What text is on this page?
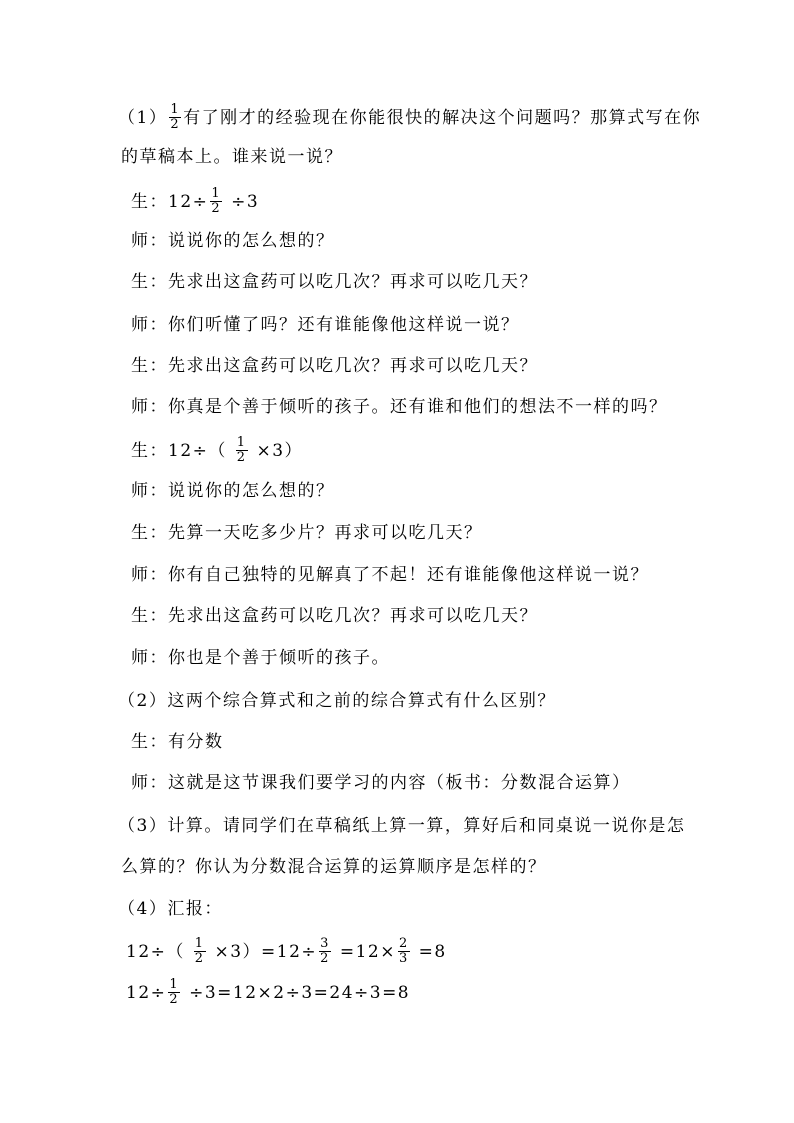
$(1) \frac{1}{2}$ 有了刚才的经验现在你能很快的解决这个问题吗？那算式写在你
的草稿本上。谁来说一说？
生：$12\div \frac{1}{2} \div 3$
师：说说你的怎么想的？
生：先求出这盒药可以吃几次？再求可以吃几天？
师：你们听懂了吗？还有谁能像他这样说一说？
生：先求出这盒药可以吃几次？再求可以吃几天？
师：你真是个善于倾听的孩子。还有谁和他们的想法不一样的吗？
生：$12\div( \frac{1}{2} \times 3)$
师：说说你的怎么想的？
生：先算一天吃多少片？再求可以吃几天？
师：你有自己独特的见解真了不起！还有谁能像他这样说一说？
生：先求出这盒药可以吃几次？再求可以吃几天？
师：你也是个善于倾听的孩子。
（2）这两个综合算式和之前的综合算式有什么区别？
生：有分数
师：这就是这节课我们要学习的内容（板书：分数混合运算）
（3）计算。请同学们在草稿纸上算一算，算好后和同桌说一说你是怎
么算的？你认为分数混合运算的运算顺序是怎样的？
（4）汇报：
$12\div( \frac{1}{2} \times 3)=12\div \frac{3}{2} =12\times \frac{2}{3} =8$
$12\div \frac{1}{2} \div 3=12\times 2\div 3=24\div 3=8$
